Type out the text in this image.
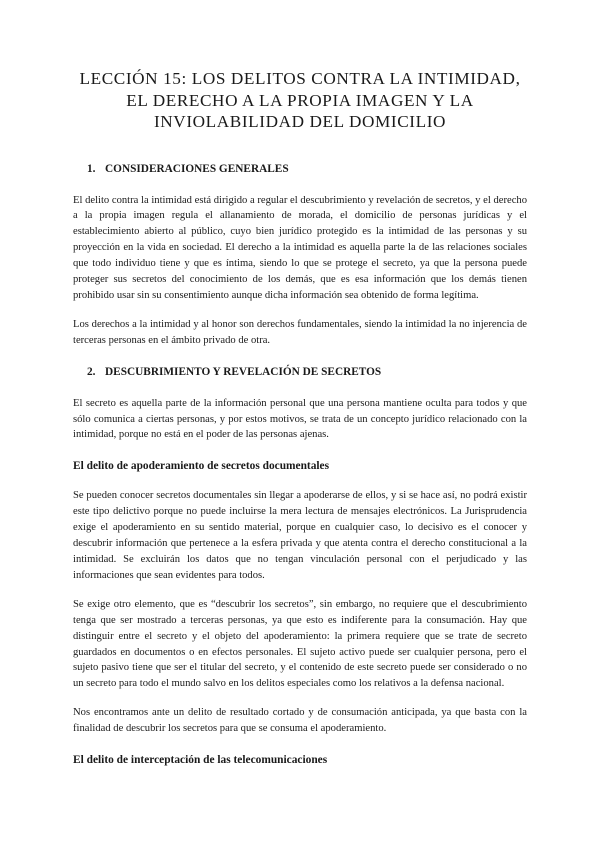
LECCIÓN 15: LOS DELITOS CONTRA LA INTIMIDAD,
EL DERECHO A LA PROPIA IMAGEN Y LA
INVIOLABILIDAD DEL DOMICILIO
1. CONSIDERACIONES GENERALES

El delito contra la intimidad está dirigido a regular el descubrimiento y revelación de secretos, y el derecho a la propia imagen regula el allanamiento de morada, el domicilio de personas jurídicas y el establecimiento abierto al público, cuyo bien jurídico protegido es la intimidad de las personas y su proyección en la vida en sociedad. El derecho a la intimidad es aquella parte la de las relaciones sociales que todo individuo tiene y que es íntima, siendo lo que se protege el secreto, ya que la persona puede proteger sus secretos del conocimiento de los demás, que es esa información que los demás tienen prohibido usar sin su consentimiento aunque dicha información sea obtenido de forma legítima.

Los derechos a la intimidad y al honor son derechos fundamentales, siendo la intimidad la no injerencia de terceras personas en el ámbito privado de otra.

2. DESCUBRIMIENTO Y REVELACIÓN DE SECRETOS

El secreto es aquella parte de la información personal que una persona mantiene oculta para todos y que sólo comunica a ciertas personas, y por estos motivos, se trata de un concepto jurídico relacionado con la intimidad, porque no está en el poder de las personas ajenas.

El delito de apoderamiento de secretos documentales

Se pueden conocer secretos documentales sin llegar a apoderarse de ellos, y si se hace así, no podrá existir este tipo delictivo porque no puede incluirse la mera lectura de mensajes electrónicos. La Jurisprudencia exige el apoderamiento en su sentido material, porque en cualquier caso, lo decisivo es el conocer y descubrir información que pertenece a la esfera privada y que atenta contra el derecho constitucional a la intimidad. Se excluirán los datos que no tengan vinculación personal con el perjudicado y las informaciones que sean evidentes para todos.

Se exige otro elemento, que es “descubrir los secretos”, sin embargo, no requiere que el descubrimiento tenga que ser mostrado a terceras personas, ya que esto es indiferente para la consumación. Hay que distinguir entre el secreto y el objeto del apoderamiento: la primera requiere que se trate de secreto guardados en documentos o en efectos personales. El sujeto activo puede ser cualquier persona, pero el sujeto pasivo tiene que ser el titular del secreto, y el contenido de este secreto puede ser considerado o no un secreto para todo el mundo salvo en los delitos especiales como los relativos a la defensa nacional.

Nos encontramos ante un delito de resultado cortado y de consumación anticipada, ya que basta con la finalidad de descubrir los secretos para que se consuma el apoderamiento.

El delito de interceptación de las telecomunicaciones
